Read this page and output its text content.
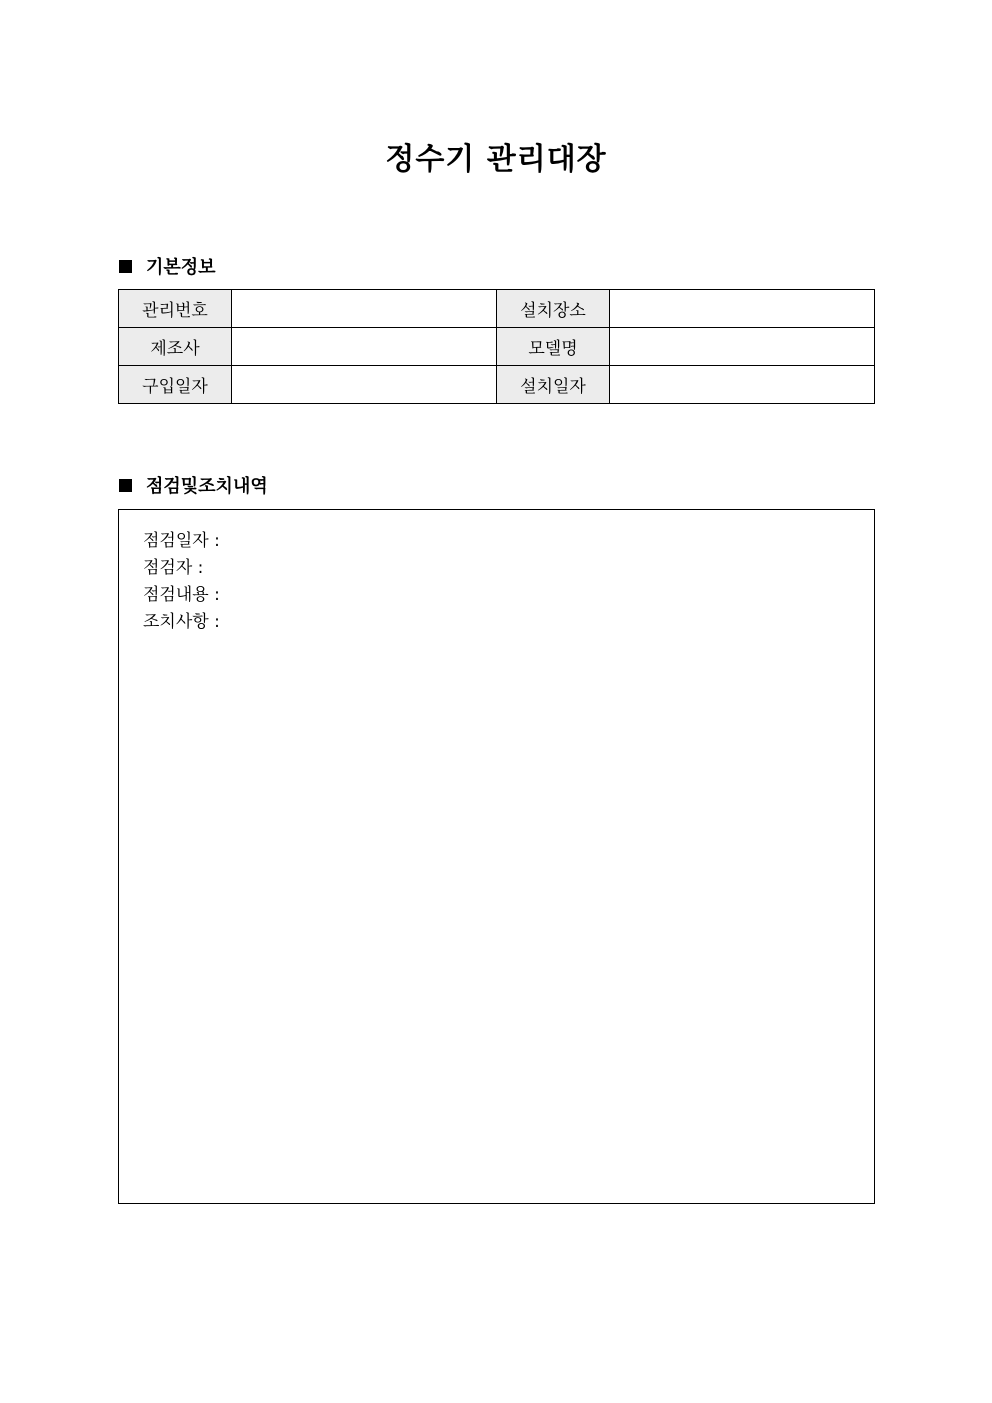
정수기 관리대장
기본정보
관리번호		설치장소	
제조사		모델명	
구입일자		설치일자	
점검및조치내역
점검일자 :
점검자 :
점검내용 :
조치사항 :
